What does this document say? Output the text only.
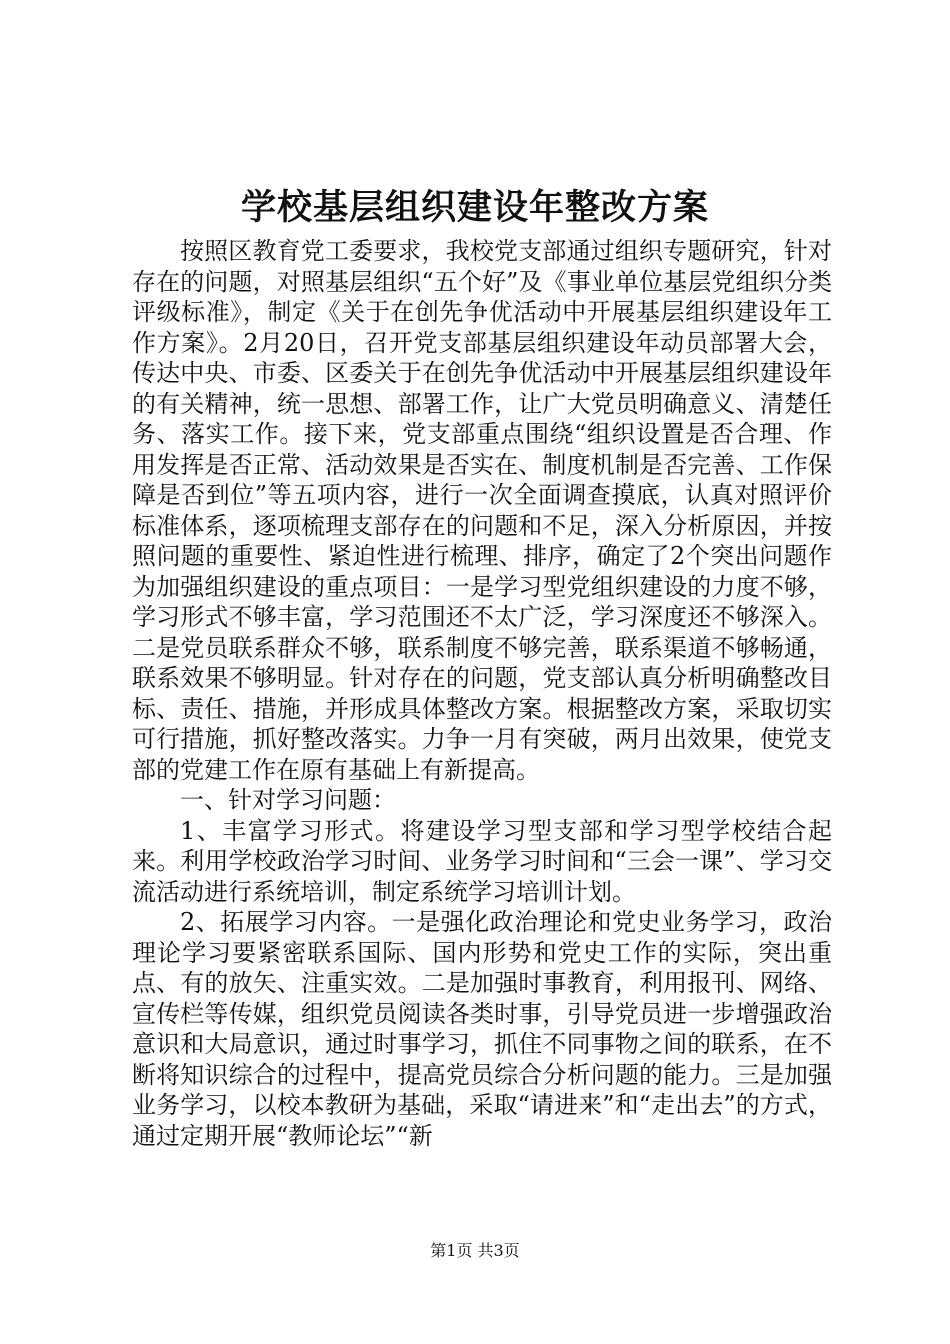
学校基层组织建设年整改方案

按照区教育党工委要求，我校党支部通过组织专题研究，针对存在的问题，对照基层组织“五个好”及《事业单位基层党组织分类评级标准》，制定《关于在创先争优活动中开展基层组织建设年工作方案》。2月20日，召开党支部基层组织建设年动员部署大会，传达中央、市委、区委关于在创先争优活动中开展基层组织建设年的有关精神，统一思想、部署工作，让广大党员明确意义、清楚任务、落实工作。接下来，党支部重点围绕“组织设置是否合理、作用发挥是否正常、活动效果是否实在、制度机制是否完善、工作保障是否到位”等五项内容，进行一次全面调查摸底，认真对照评价标准体系，逐项梳理支部存在的问题和不足，深入分析原因，并按照问题的重要性、紧迫性进行梳理、排序，确定了2个突出问题作为加强组织建设的重点项目：一是学习型党组织建设的力度不够，学习形式不够丰富，学习范围还不太广泛，学习深度还不够深入。二是党员联系群众不够，联系制度不够完善，联系渠道不够畅通，联系效果不够明显。针对存在的问题，党支部认真分析明确整改目标、责任、措施，并形成具体整改方案。根据整改方案，采取切实可行措施，抓好整改落实。力争一月有突破，两月出效果，使党支部的党建工作在原有基础上有新提高。

一、针对学习问题：

1、丰富学习形式。将建设学习型支部和学习型学校结合起来。利用学校政治学习时间、业务学习时间和“三会一课”、学习交流活动进行系统培训，制定系统学习培训计划。

2、拓展学习内容。一是强化政治理论和党史业务学习，政治理论学习要紧密联系国际、国内形势和党史工作的实际，突出重点、有的放矢、注重实效。二是加强时事教育，利用报刊、网络、宣传栏等传媒，组织党员阅读各类时事，引导党员进一步增强政治意识和大局意识，通过时事学习，抓住不同事物之间的联系，在不断将知识综合的过程中，提高党员综合分析问题的能力。三是加强业务学习，以校本教研为基础，采取“请进来”和“走出去”的方式，通过定期开展“教师论坛”“新

第1页 共3页
